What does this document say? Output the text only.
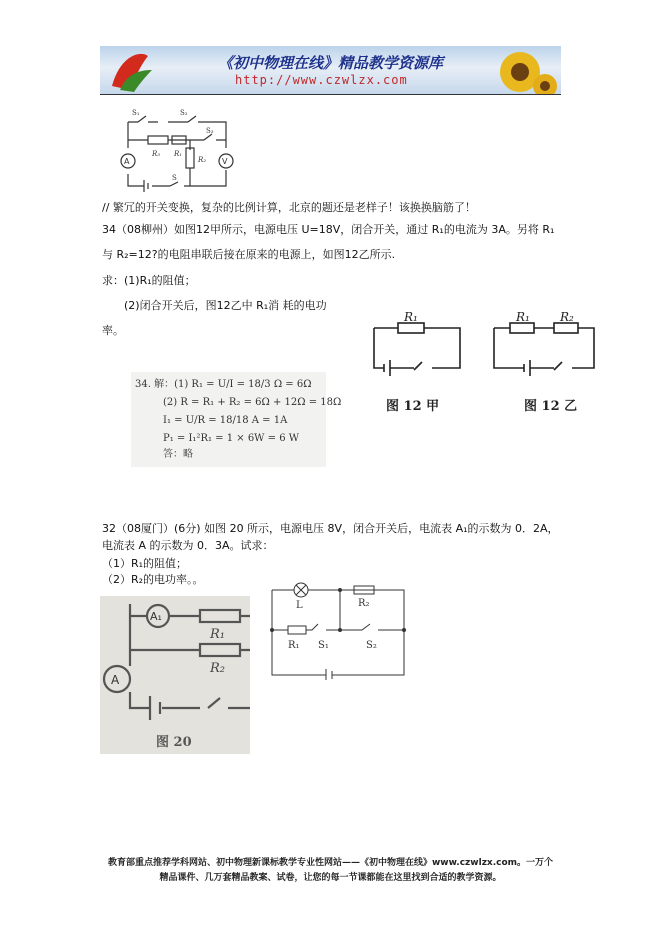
《初中物理在线》精品教学资源库
http://www.czwlzx.com
A	V
S₁	S₂
S₃
R₃ R₁
R₂
S
// 繁冗的开关变换，复杂的比例计算，北京的题还是老样子！该换换脑筋了！
34（08柳州）如图12甲所示，电源电压 U=18V，闭合开关，通过 R₁的电流为 3A。另将 R₁
与 R₂=12?的电阻串联后接在原来的电源上，如图12乙所示.
求：(1)R₁的阻值；
(2)闭合开关后，图12乙中 R₁消 耗的电功
率。
R₁	R₁	R₂
图 12 甲	图 12 乙
34. 解：(1) R₁ = U/I = 18/3 Ω = 6Ω
(2) R = R₁ + R₂ = 6Ω + 12Ω = 18Ω
I₁ = U/R = 18/18 A = 1A
P₁ = I₁²R₁ = 1 × 6W = 6 W
答：略
32（08厦门）(6分) 如图 20 所示，电源电压 8V，闭合开关后，电流表 A₁的示数为 0．2A，
电流表 A 的示数为 0．3A。试求：
（1）R₁的阻值；
（2）R₂的电功率。。
A₁
R₁
R₂
A
图 20
L	R₂
R₁ S₁	S₂
教育部重点推荐学科网站、初中物理新课标教学专业性网站——《初中物理在线》www.czwlzx.com。一万个
精品课件、几万套精品教案、试卷，让您的每一节课都能在这里找到合适的教学资源。
